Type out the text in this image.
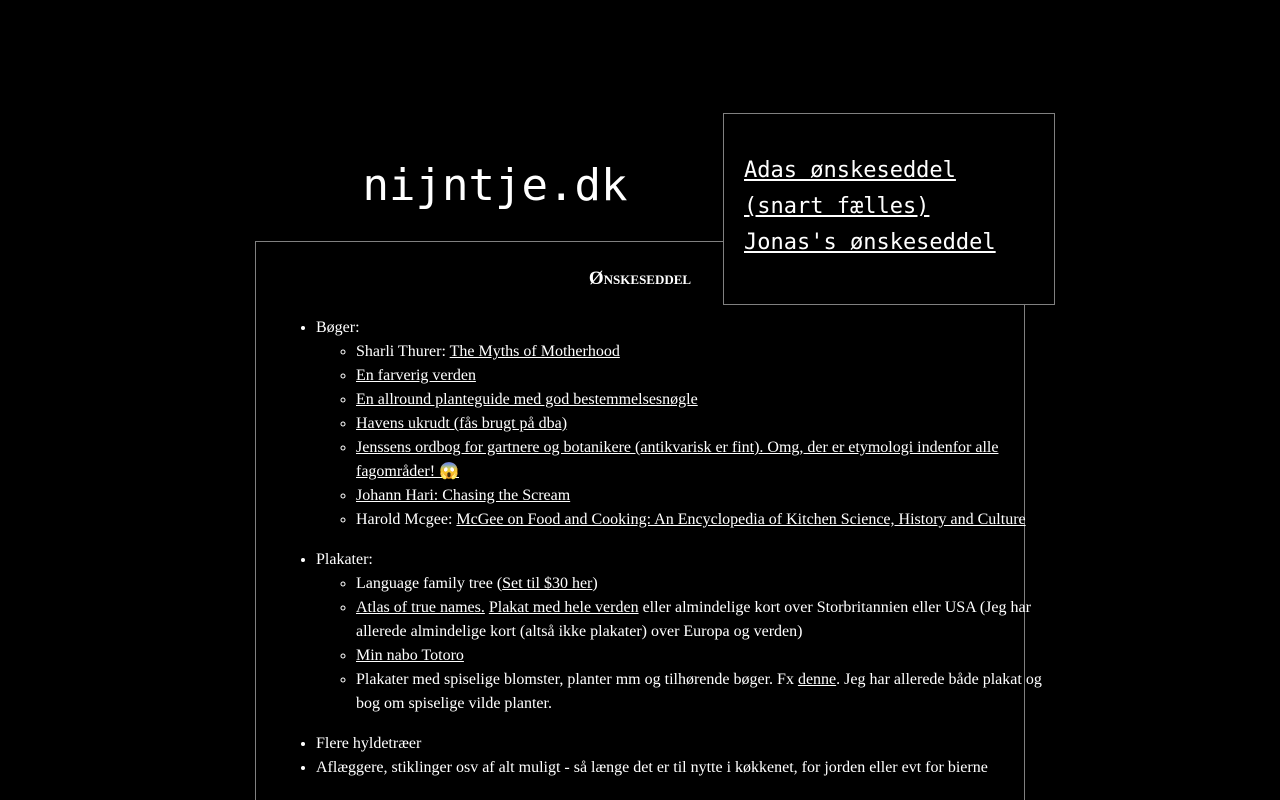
nijntje.dk
Ønskeseddel
• Bøger:
◦ Sharli Thurer: The Myths of Motherhood
◦ En farverig verden
◦ En allround planteguide med god bestemmelsesnøgle
◦ Havens ukrudt (fås brugt på dba)
◦ Jenssens ordbog for gartnere og botanikere (antikvarisk er fint). Omg, der er etymologi indenfor alle fagområder! 😱
◦ Johann Hari: Chasing the Scream
◦ Harold Mcgee: McGee on Food and Cooking: An Encyclopedia of Kitchen Science, History and Culture
• Plakater:
◦ Language family tree (Set til $30 her)
◦ Atlas of true names. Plakat med hele verden eller almindelige kort over Storbritannien eller USA (Jeg har allerede almindelige kort (altså ikke plakater) over Europa og verden)
◦ Min nabo Totoro
◦ Plakater med spiselige blomster, planter mm og tilhørende bøger. Fx denne. Jeg har allerede både plakat og bog om spiselige vilde planter.
• Flere hyldetræer
• Aflæggere, stiklinger osv af alt muligt - så længe det er til nytte i køkkenet, for jorden eller evt for bierne
Adas ønskeseddel (snart fælles)
Jonas's ønskeseddel
